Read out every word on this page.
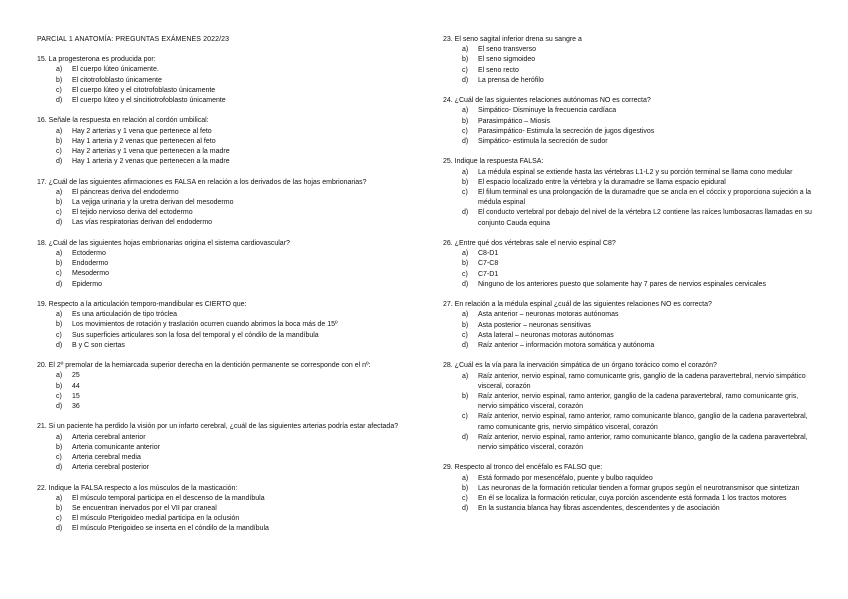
PARCIAL 1 ANATOMÍA: PREGUNTAS EXÁMENES 2022/23

15. La progesterona es producida por:

a)	El cuerpo lúteo únicamente.
b)	El citotrofoblasto únicamente
c)	El cuerpo lúteo y el citotrofoblasto únicamente
d)	El cuerpo lúteo y el sincitiotrofoblasto únicamente

16. Señale la respuesta en relación al cordón umbilical:

a)	Hay 2 arterias y 1 vena que pertenece al feto
b)	Hay 1 arteria y 2 venas que pertenecen al feto
c)	Hay 2 arterias y 1 vena que pertenecen a la madre
d)	Hay 1 arteria y 2 venas que pertenecen a la madre

17. ¿Cuál de las siguientes afirmaciones es FALSA en relación a los derivados de las hojas embrionarias?

a)	El páncreas deriva del endodermo
b)	La vejiga urinaria y la uretra derivan del mesodermo
c)	El tejido nervioso deriva del ectodermo
d)	Las vías respiratorias derivan del endodermo

18. ¿Cuál de las siguientes hojas embrionarias origina el sistema cardiovascular?

a)	Ectodermo
b)	Endodermo
c)	Mesodermo
d)	Epidermo

19. Respecto a la articulación temporo-mandibular es CIERTO que:

a)	Es una articulación de tipo tróclea
b)	Los movimientos de rotación y traslación ocurren cuando abrimos la boca más de 15º
c)	Sus superficies articulares son la fosa del temporal y el cóndilo de la mandíbula
d)	B y C son ciertas

20. El 2º premolar de la hemiarcada superior derecha en la dentición permanente se corresponde con el nº:

a)	25
b)	44
c)	15
d)	36

21. Si un paciente ha perdido la visión por un infarto cerebral, ¿cuál de las siguientes arterias podría estar afectada?

a)	Arteria cerebral anterior
b)	Arteria comunicante anterior
c)	Arteria cerebral media
d)	Arteria cerebral posterior

22. Indique la FALSA respecto a los músculos de la masticación:

a)	El músculo temporal participa en el descenso de la mandíbula
b)	Se encuentran inervados por el VII par craneal
c)	El músculo Pterigoideo medial participa en la oclusión
d)	El músculo Pterigoideo se inserta en el cóndilo de la mandíbula

23. El seno sagital inferior drena su sangre a

a)	El seno transverso
b)	El seno sigmoideo
c)	El seno recto
d)	La prensa de herófilo

24. ¿Cuál de las siguientes relaciones autónomas NO es correcta?

a)	Simpático- Disminuye la frecuencia cardíaca
b)	Parasimpático – Miosis
c)	Parasimpático- Estimula la secreción de jugos digestivos
d)	Simpático- estimula la secreción de sudor

25. Indique la respuesta FALSA:

a)	La médula espinal se extiende hasta las vértebras L1-L2 y su porción terminal se llama cono medular
b)	El espacio localizado entre la vértebra y la duramadre se llama espacio epidural
c)	El filum terminal es una prolongación de la duramadre que se ancla en el cóccix y proporciona sujeción a la médula espinal
d)	El conducto vertebral por debajo del nivel de la vértebra L2 contiene las raíces lumbosacras llamadas en su conjunto Cauda equina

26. ¿Entre qué dos vértebras sale el nervio espinal C8?

a)	C8-D1
b)	C7-C8
c)	C7-D1
d)	Ninguno de los anteriores puesto que solamente hay 7 pares de nervios espinales cervicales

27. En relación a la médula espinal ¿cuál de las siguientes relaciones NO es correcta?

a)	Asta anterior – neuronas motoras autónomas
b)	Asta posterior – neuronas sensitivas
c)	Asta lateral – neuronas motoras autónomas
d)	Raíz anterior – información motora somática y autónoma

28. ¿Cuál es la vía para la inervación simpática de un órgano torácico como el corazón?

a)	Raíz anterior, nervio espinal, ramo comunicante gris, ganglio de la cadena paravertebral, nervio simpático visceral, corazón
b)	Raíz anterior, nervio espinal, ramo anterior, ganglio de la cadena paravertebral, ramo comunicante gris, nervio simpático visceral, corazón
c)	Raíz anterior, nervio espinal, ramo anterior, ramo comunicante blanco, ganglio de la cadena paravertebral, ramo comunicante gris, nervio simpático visceral, corazón
d)	Raíz anterior, nervio espinal, ramo anterior, ramo comunicante blanco, ganglio de la cadena paravertebral, nervio simpático visceral, corazón

29. Respecto al tronco del encéfalo es FALSO que:

a)	Está formado por mesencéfalo, puente y bulbo raquídeo
b)	Las neuronas de la formación reticular tienden a formar grupos según el neurotransmisor que sintetizan
c)	En él se localiza la formación reticular, cuya porción ascendente está formada 1 los tractos motores
d)	En la sustancia blanca hay fibras ascendentes, descendentes y de asociación
